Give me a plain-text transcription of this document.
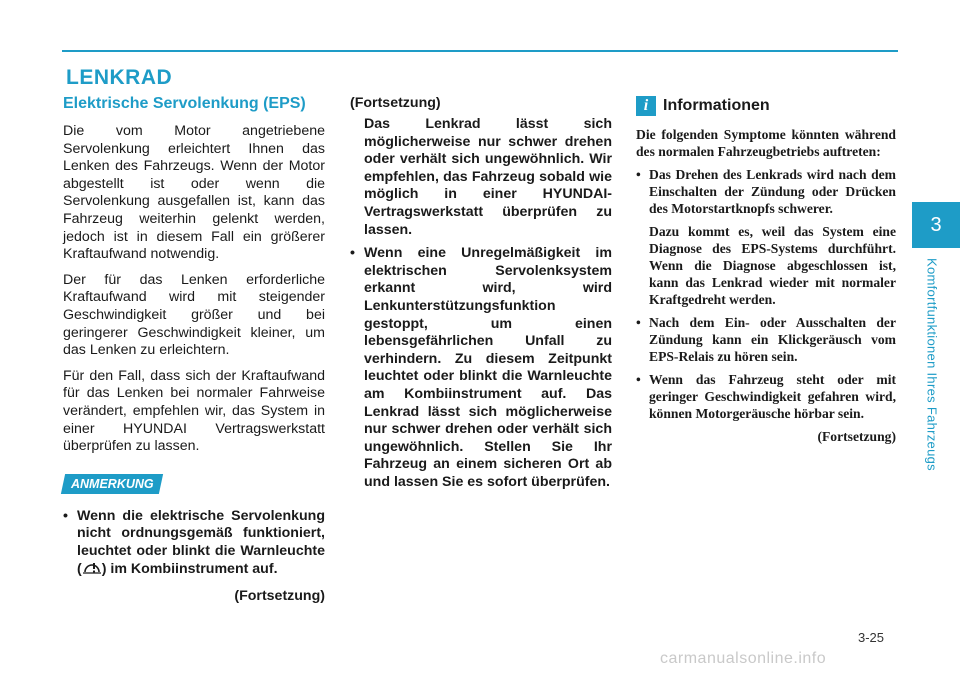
LENKRAD
Elektrische Servolenkung (EPS)

Die vom Motor angetriebene Servolenkung erleichtert Ihnen das Lenken des Fahrzeugs. Wenn der Motor abgestellt ist oder wenn die Servolenkung ausgefallen ist, kann das Fahrzeug weiterhin gelenkt werden, jedoch ist in diesem Fall ein größerer Kraftaufwand notwendig.

Der für das Lenken erforderliche Kraftaufwand wird mit steigender Geschwindigkeit größer und bei geringerer Geschwindigkeit kleiner, um das Lenken zu erleichtern.

Für den Fall, dass sich der Kraftaufwand für das Lenken bei normaler Fahrweise verändert, empfehlen wir, das System in einer HYUNDAI Vertragswerkstatt überprüfen zu lassen.

ANMERKUNG
• Wenn die elektrische Servolenkung nicht ordnungsgemäß funktioniert, leuchtet oder blinkt die Warnleuchte ( ) im Kombiinstrument auf.

(Fortsetzung)

(Fortsetzung)

Das Lenkrad lässt sich möglicherweise nur schwer drehen oder verhält sich ungewöhnlich. Wir empfehlen, das Fahrzeug sobald wie möglich in einer HYUNDAI-Vertragswerkstatt überprüfen zu lassen.

• Wenn eine Unregelmäßigkeit im elektrischen Servolenksystem erkannt wird, wird Lenkunterstützungsfunktion gestoppt, um einen lebensgefährlichen Unfall zu verhindern. Zu diesem Zeitpunkt leuchtet oder blinkt die Warnleuchte am Kombiinstrument auf. Das Lenkrad lässt sich möglicherweise nur schwer drehen oder verhält sich ungewöhnlich. Stellen Sie Ihr Fahrzeug an einem sicheren Ort ab und lassen Sie es sofort überprüfen.
i Informationen

Die folgenden Symptome könnten während des normalen Fahrzeugbetriebs auftreten:

• Das Drehen des Lenkrads wird nach dem Einschalten der Zündung oder Drücken des Motorstartknopfs schwerer.

Dazu kommt es, weil das System eine Diagnose des EPS-Systems durchführt. Wenn die Diagnose abgeschlossen ist, kann das Lenkrad wieder mit normaler Kraftgedreht werden.

• Nach dem Ein- oder Ausschalten der Zündung kann ein Klickgeräusch vom EPS-Relais zu hören sein.
• Wenn das Fahrzeug steht oder mit geringer Geschwindigkeit gefahren wird, können Motorgeräusche hörbar sein.

(Fortsetzung)

3
Komfortfunktionen Ihres Fahrzeugs
3-25
carmanualsonline.info
